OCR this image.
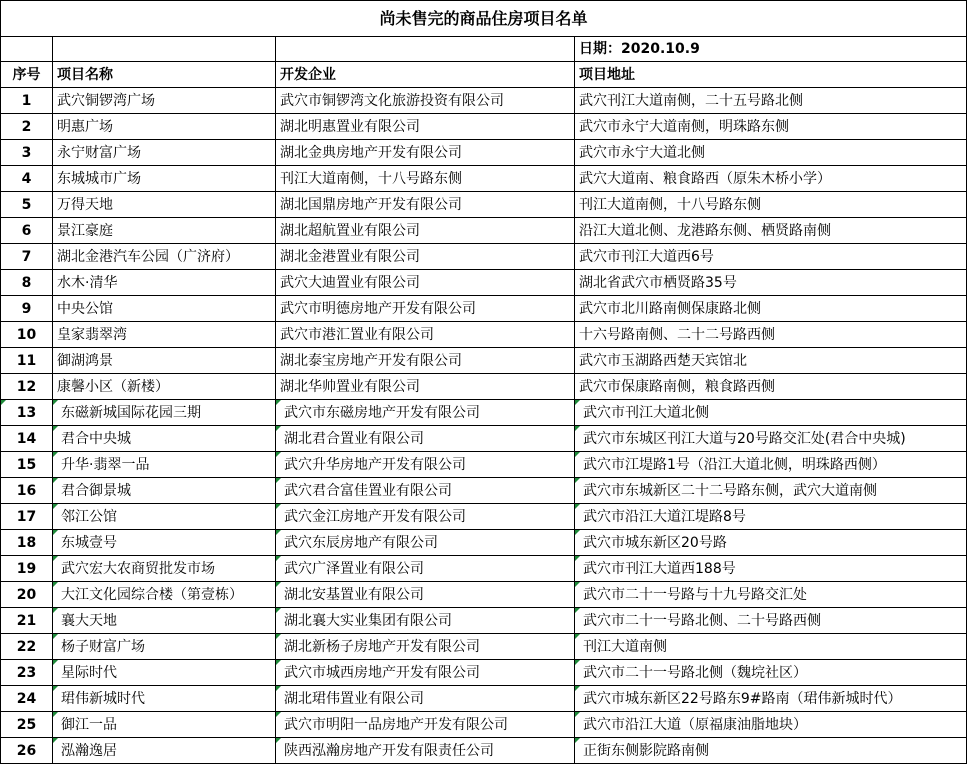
尚未售完的商品住房项目名单			
			日期：2020.10.9
序号	项目名称	开发企业	项目地址
1	武穴铜锣湾广场	武穴市铜锣湾文化旅游投资有限公司	武穴刊江大道南侧，二十五号路北侧
2	明惠广场	湖北明惠置业有限公司	武穴市永宁大道南侧，明珠路东侧
3	永宁财富广场	湖北金典房地产开发有限公司	武穴市永宁大道北侧
4	东城城市广场	刊江大道南侧，十八号路东侧	武穴大道南、粮食路西（原朱木桥小学）
5	万得天地	湖北国鼎房地产开发有限公司	刊江大道南侧，十八号路东侧
6	景江豪庭	湖北超航置业有限公司	沿江大道北侧、龙港路东侧、栖贤路南侧
7	湖北金港汽车公园（广济府）	湖北金港置业有限公司	武穴市刊江大道西6号
8	水木·清华	武穴大迪置业有限公司	湖北省武穴市栖贤路35号
9	中央公馆	武穴市明德房地产开发有限公司	武穴市北川路南侧保康路北侧
10	皇家翡翠湾	武穴市港汇置业有限公司	十六号路南侧、二十二号路西侧
11	御湖鸿景	湖北泰宝房地产开发有限公司	武穴市玉湖路西楚天宾馆北
12	康馨小区（新楼）	湖北华帅置业有限公司	武穴市保康路南侧，粮食路西侧
13	东磁新城国际花园三期	武穴市东磁房地产开发有限公司	武穴市刊江大道北侧
14	君合中央城	湖北君合置业有限公司	武穴市东城区刊江大道与20号路交汇处(君合中央城)
15	升华·翡翠一品	武穴升华房地产开发有限公司	武穴市江堤路1号（沿江大道北侧，明珠路西侧）
16	君合御景城	武穴君合富佳置业有限公司	武穴市东城新区二十二号路东侧，武穴大道南侧
17	邻江公馆	武穴金江房地产开发有限公司	武穴市沿江大道江堤路8号
18	东城壹号	武穴东辰房地产有限公司	武穴市城东新区20号路
19	武穴宏大农商贸批发市场	武穴广泽置业有限公司	武穴市刊江大道西188号
20	大江文化园综合楼（第壹栋）	湖北安基置业有限公司	武穴市二十一号路与十九号路交汇处
21	襄大天地	湖北襄大实业集团有限公司	武穴市二十一号路北侧、二十号路西侧
22	杨子财富广场	湖北新杨子房地产开发有限公司	刊江大道南侧
23	星际时代	武穴市城西房地产开发有限公司	武穴市二十一号路北侧（魏垸社区）
24	珺伟新城时代	湖北珺伟置业有限公司	武穴市城东新区22号路东9#路南（珺伟新城时代）
25	御江一品	武穴市明阳一品房地产开发有限公司	武穴市沿江大道（原福康油脂地块）
26	泓瀚逸居	陕西泓瀚房地产开发有限责任公司	正街东侧影院路南侧
